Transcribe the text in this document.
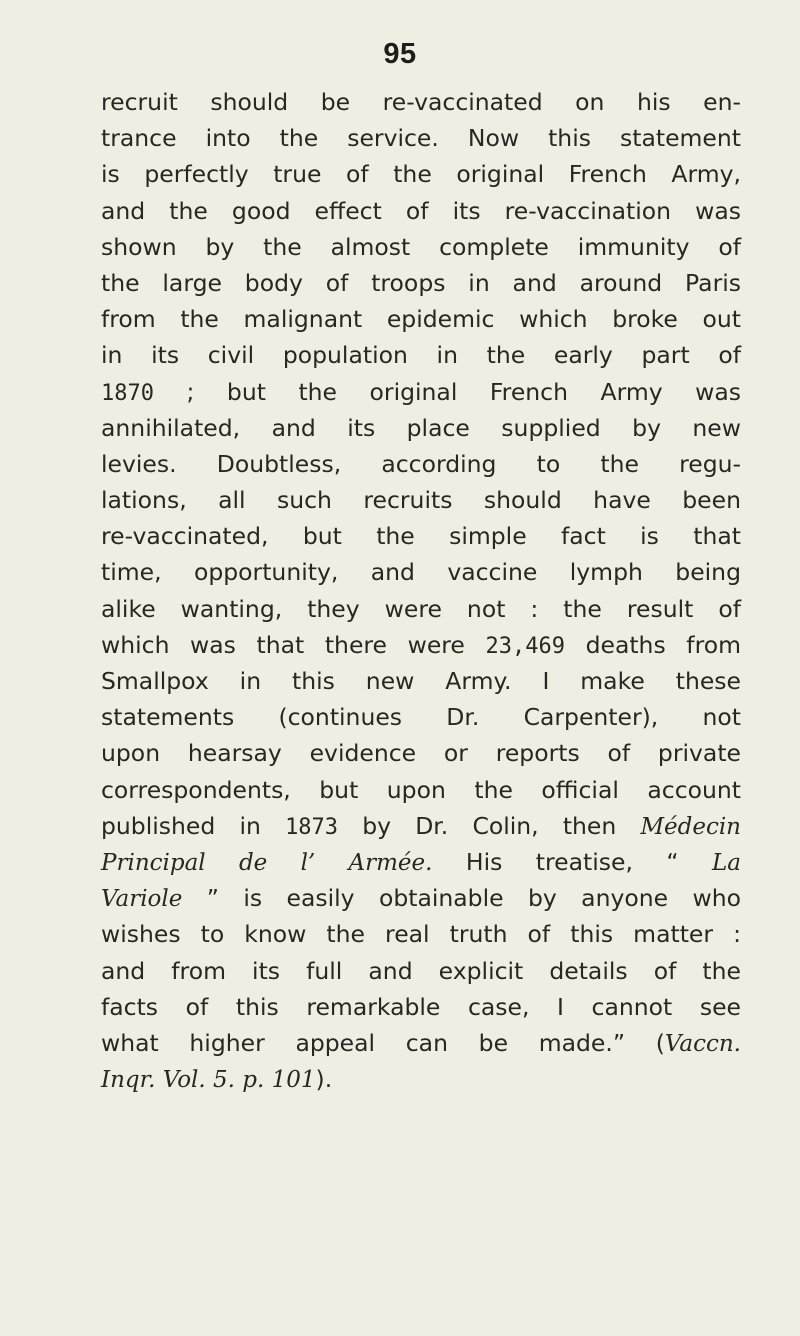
95
recruit should be re-vaccinated on his en-
trance into the service. Now this statement
is perfectly true of the original French Army,
and the good effect of its re-vaccination was
shown by the almost complete immunity of
the large body of troops in and around Paris
from the malignant epidemic which broke out
in its civil population in the early part of
1870 ; but the original French Army was
annihilated, and its place supplied by new
levies. Doubtless, according to the regu-
lations, all such recruits should have been
re-vaccinated, but the simple fact is that
time, opportunity, and vaccine lymph being
alike wanting, they were not : the result of
which was that there were 23,469 deaths from
Smallpox in this new Army. I make these
statements (continues Dr. Carpenter), not
upon hearsay evidence or reports of private
correspondents, but upon the official account
published in 1873 by Dr. Colin, then Médecin
Principal de l’ Armée. His treatise, “ La
Variole ” is easily obtainable by anyone who
wishes to know the real truth of this matter :
and from its full and explicit details of the
facts of this remarkable case, I cannot see
what higher appeal can be made.” (Vaccn.
Inqr. Vol. 5. p. 101).
